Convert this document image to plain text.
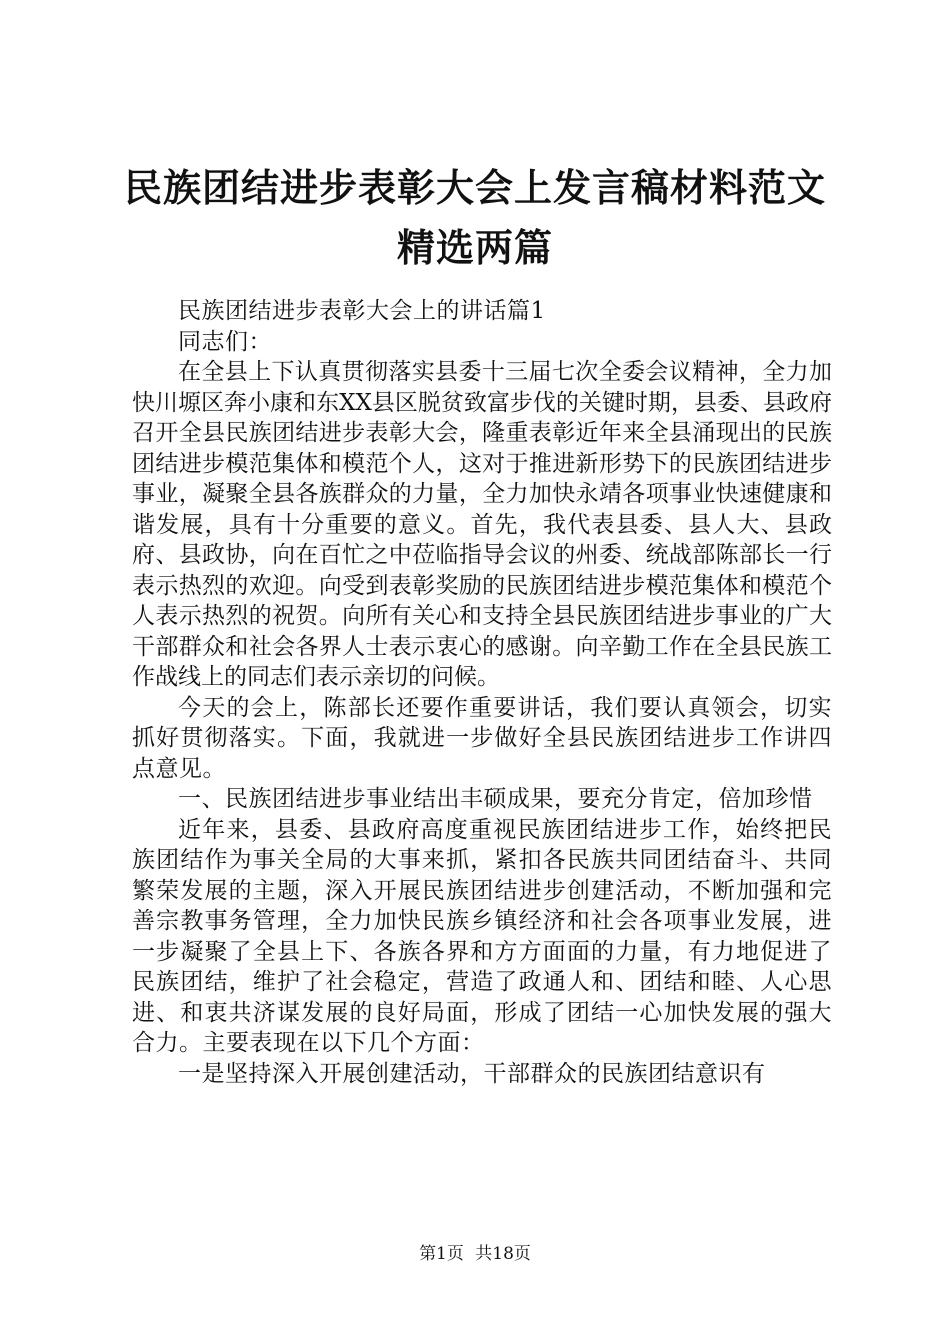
民族团结进步表彰大会上发言稿材料范文精选两篇

民族团结进步表彰大会上的讲话篇1

同志们：

在全县上下认真贯彻落实县委十三届七次全委会议精神，全力加快川塬区奔小康和东XX县区脱贫致富步伐的关键时期，县委、县政府召开全县民族团结进步表彰大会，隆重表彰近年来全县涌现出的民族团结进步模范集体和模范个人，这对于推进新形势下的民族团结进步事业，凝聚全县各族群众的力量，全力加快永靖各项事业快速健康和谐发展，具有十分重要的意义。首先，我代表县委、县人大、县政府、县政协，向在百忙之中莅临指导会议的州委、统战部陈部长一行表示热烈的欢迎。向受到表彰奖励的民族团结进步模范集体和模范个人表示热烈的祝贺。向所有关心和支持全县民族团结进步事业的广大干部群众和社会各界人士表示衷心的感谢。向辛勤工作在全县民族工作战线上的同志们表示亲切的问候。

今天的会上，陈部长还要作重要讲话，我们要认真领会，切实抓好贯彻落实。下面，我就进一步做好全县民族团结进步工作讲四点意见。

一、民族团结进步事业结出丰硕成果，要充分肯定，倍加珍惜

近年来，县委、县政府高度重视民族团结进步工作，始终把民族团结作为事关全局的大事来抓，紧扣各民族共同团结奋斗、共同繁荣发展的主题，深入开展民族团结进步创建活动，不断加强和完善宗教事务管理，全力加快民族乡镇经济和社会各项事业发展，进一步凝聚了全县上下、各族各界和方方面面的力量，有力地促进了民族团结，维护了社会稳定，营造了政通人和、团结和睦、人心思进、和衷共济谋发展的良好局面，形成了团结一心加快发展的强大合力。主要表现在以下几个方面：

一是坚持深入开展创建活动，干部群众的民族团结意识有

第1页 共18页
